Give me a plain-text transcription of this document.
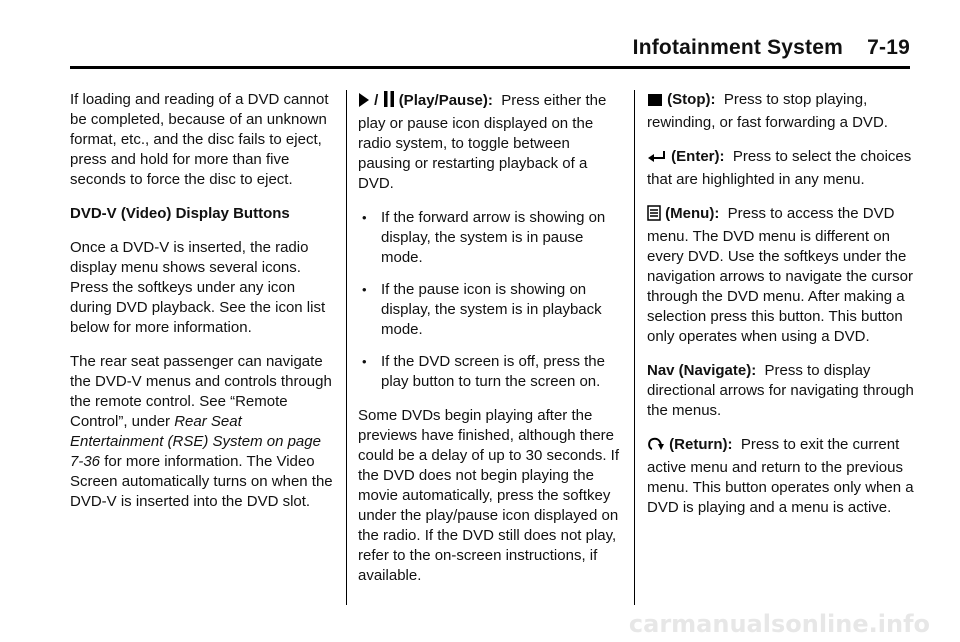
Infotainment System 7-19

If loading and reading of a DVD cannot be completed, because of an unknown format, etc., and the disc fails to eject, press and hold for more than five seconds to force the disc to eject.

DVD-V (Video) Display Buttons

Once a DVD-V is inserted, the radio display menu shows several icons. Press the softkeys under any icon during DVD playback. See the icon list below for more information.

The rear seat passenger can navigate the DVD-V menus and controls through the remote control. See “Remote Control”, under Rear Seat Entertainment (RSE) System on page 7-36 for more information. The Video Screen automatically turns on when the DVD-V is inserted into the DVD slot.

/ (Play/Pause): Press either the play or pause icon displayed on the radio system, to toggle between pausing or restarting playback of a DVD.

• If the forward arrow is showing on display, the system is in pause mode.
• If the pause icon is showing on display, the system is in playback mode.
• If the DVD screen is off, press the play button to turn the screen on.

Some DVDs begin playing after the previews have finished, although there could be a delay of up to 30 seconds. If the DVD does not begin playing the movie automatically, press the softkey under the play/pause icon displayed on the radio. If the DVD still does not play, refer to the on-screen instructions, if available.

(Stop): Press to stop playing, rewinding, or fast forwarding a DVD.

(Enter): Press to select the choices that are highlighted in any menu.

(Menu): Press to access the DVD menu. The DVD menu is different on every DVD. Use the softkeys under the navigation arrows to navigate the cursor through the DVD menu. After making a selection press this button. This button only operates when using a DVD.

Nav (Navigate): Press to display directional arrows for navigating through the menus.

(Return): Press to exit the current active menu and return to the previous menu. This button operates only when a DVD is playing and a menu is active.

carmanualsonline.info
